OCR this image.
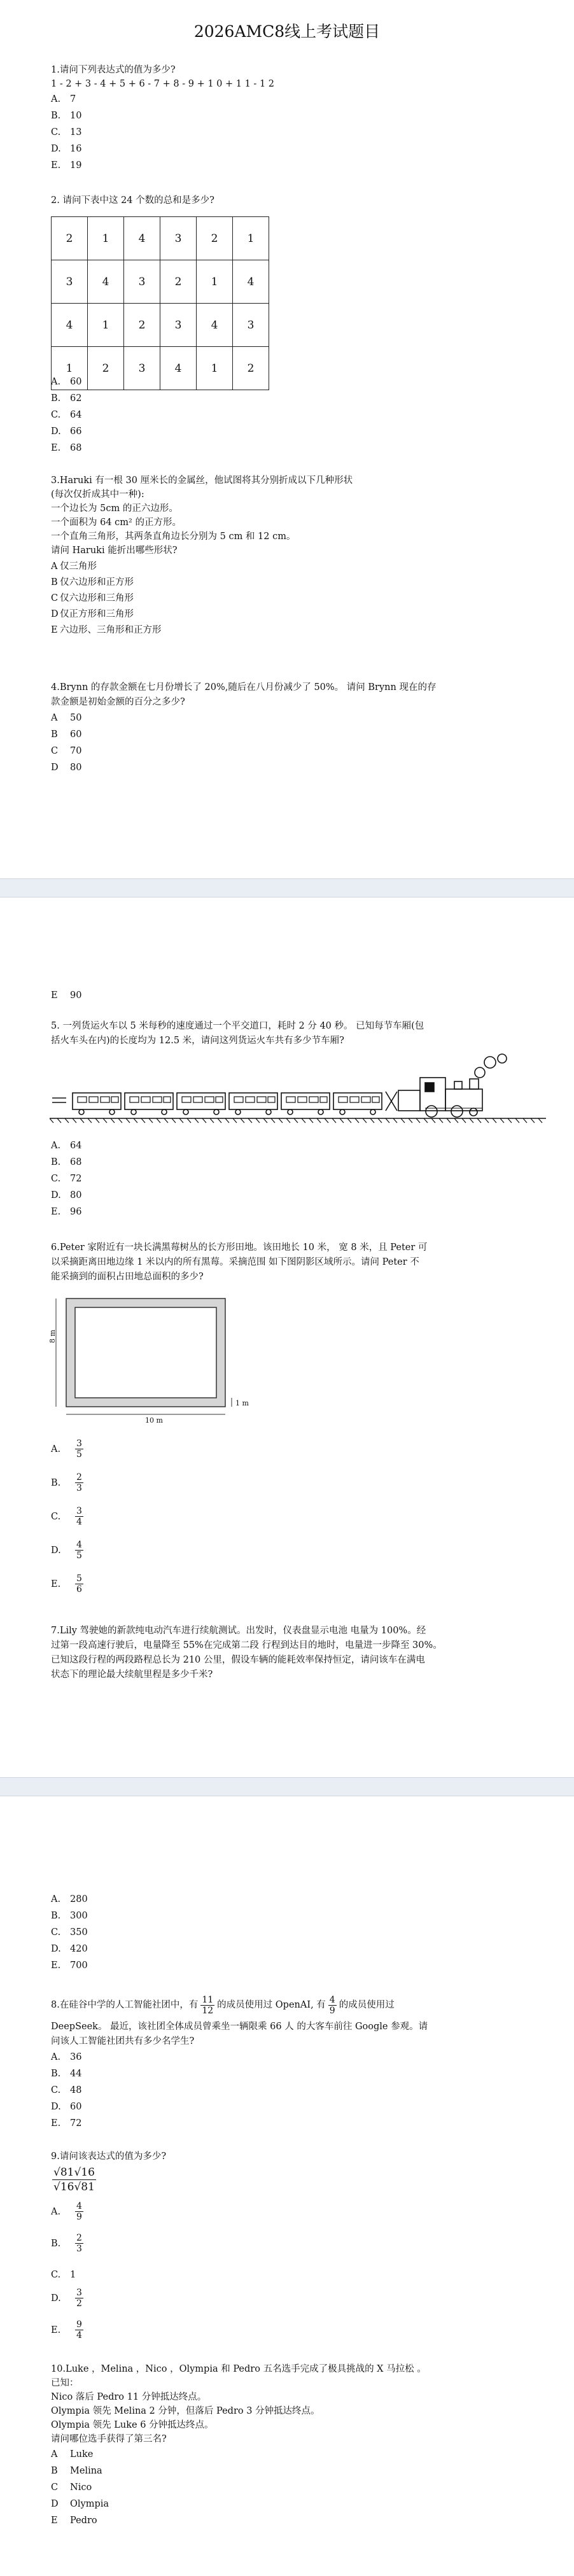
2026AMC8线上考试题目
1.请问下列表达式的值为多少?
1 - 2 + 3 - 4 + 5 + 6 - 7 + 8 - 9 + 1 0 + 1 1 - 1 2
A. 7
B. 10
C. 13
D. 16
E. 19
2. 请问下表中这 24 个数的总和是多少?
2	1	4	3	2	1
3	4	3	2	1	4
4	1	2	3	4	3
1	2	3	4	1	2
A. 60
B. 62
C. 64
D. 66
E. 68
3.Haruki 有一根 30 厘米长的金属丝，他试图将其分别折成以下几种形状
(每次仅折成其中一种):
一个边长为 5cm 的正六边形。
一个面积为 64 cm² 的正方形。
一个直角三角形，其两条直角边长分别为 5 cm 和 12 cm。
请问 Haruki 能折出哪些形状?
A 仅三角形
B 仅六边形和正方形
C 仅六边形和三角形
D 仅正方形和三角形
E 六边形、三角形和正方形
4.Brynn 的存款金额在七月份增长了 20%,随后在八月份减少了 50%。 请问 Brynn 现在的存
款金额是初始金额的百分之多少?
A 50
B 60
C 70
D 80
E 90
5. 一列货运火车以 5 米每秒的速度通过一个平交道口，耗时 2 分 40 秒。 已知每节车厢(包
括火车头在内)的长度均为 12.5 米，请问这列货运火车共有多少节车厢?
A. 64
B. 68
C. 72
D. 80
E. 96
6.Peter 家附近有一块长满黑莓树丛的长方形田地。该田地长 10 米， 宽 8 米，且 Peter 可
以采摘距离田地边缘 1 米以内的所有黑莓。采摘范围 如下图阴影区域所示。请问 Peter 不
能采摘到的面积占田地总面积的多少?
8 m
10 m
1 m
A.	$\frac{3}{5}$
B.	$\frac{2}{3}$
C.	$\frac{3}{4}$
D.	$\frac{4}{5}$
E.	$\frac{5}{6}$
7.Lily 驾驶她的新款纯电动汽车进行续航测试。出发时，仪表盘显示电池 电量为 100%。经
过第一段高速行驶后，电量降至 55%在完成第二段 行程到达目的地时，电量进一步降至 30%。
已知这段行程的两段路程总长为 210 公里，假设车辆的能耗效率保持恒定，请问该车在满电
状态下的理论最大续航里程是多少千米?
A. 280
B. 300
C. 350
D. 420
E. 700
8.在硅谷中学的人工智能社团中，有 $\frac{11}{12}$ 的成员使用过 OpenAI, 有 $\frac{4}{9}$ 的成员使用过
DeepSeek。 最近，该社团全体成员曾乘坐一辆限乘 66 人 的大客车前往 Google 参观。请
问该人工智能社团共有多少名学生?
A. 36
B. 44
C. 48
D. 60
E. 72
9.请问该表达式的值为多少?
$\frac{√81√16}{√16√81}$
A.	$\frac{4}{9}$
B.	$\frac{2}{3}$
C. 1
D.	$\frac{3}{2}$
E.	$\frac{9}{4}$
10.Luke ，Melina ，Nico ，Olympia 和 Pedro 五名选手完成了极具挑战的 X 马拉松 。
已知：
Nico 落后 Pedro 11 分钟抵达终点。
Olympia 领先 Melina 2 分钟，但落后 Pedro 3 分钟抵达终点。
Olympia 领先 Luke 6 分钟抵达终点。
请问哪位选手获得了第三名?
A Luke
B Melina
C Nico
D Olympia
E Pedro
